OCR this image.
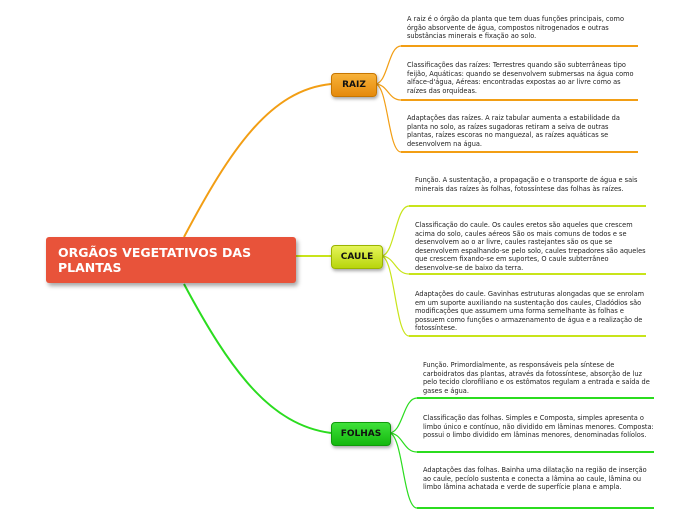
ORGÃOS VEGETATIVOS DAS PLANTAS
RAIZ
CAULE
FOLHAS

A raiz é o órgão da planta que tem duas funções principais, como órgão absorvente de água, compostos nitrogenados e outras substâncias minerais e fixação ao solo.

Classificações das raízes: Terrestres quando são subterrâneas tipo feijão, Aquáticas: quando se desenvolvem submersas na água como alface-d'água, Aéreas: encontradas expostas ao ar livre como as raízes das orquídeas.

Adaptações das raízes. A raiz tabular aumenta a estabilidade da planta no solo, as raízes sugadoras retiram a seiva de outras plantas, raízes escoras no manguezal, as raízes aquáticas se desenvolvem na água.

Função. A sustentação, a propagação e o transporte de água e sais minerais das raízes às folhas, fotossíntese das folhas às raízes.

Classificação do caule. Os caules eretos são aqueles que crescem acima do solo, caules aéreos São os mais comuns de todos e se desenvolvem ao o ar livre, caules rastejantes são os que se desenvolvem espalhando-se pelo solo, caules trepadores são aqueles que crescem fixando-se em suportes, O caule subterrâneo desenvolve-se de baixo da terra.

Adaptações do caule. Gavinhas estruturas alongadas que se enrolam em um suporte auxiliando na sustentação dos caules, Cladódios são modificações que assumem uma forma semelhante às folhas e possuem como funções o armazenamento de água e a realização de fotossíntese.

Função. Primordialmente, as responsáveis pela síntese de carboidratos das plantas, através da fotossíntese, absorção de luz pelo tecido clorofiliano e os estômatos regulam a entrada e saída de gases e água.

Classificação das folhas. Simples e Composta, simples apresenta o limbo único e contínuo, não dividido em lâminas menores. Composta: possui o limbo dividido em lâminas menores, denominadas folíolos.

Adaptações das folhas. Bainha uma dilatação na região de inserção ao caule, pecíolo sustenta e conecta a lâmina ao caule, lâmina ou limbo lâmina achatada e verde de superfície plana e ampla.
